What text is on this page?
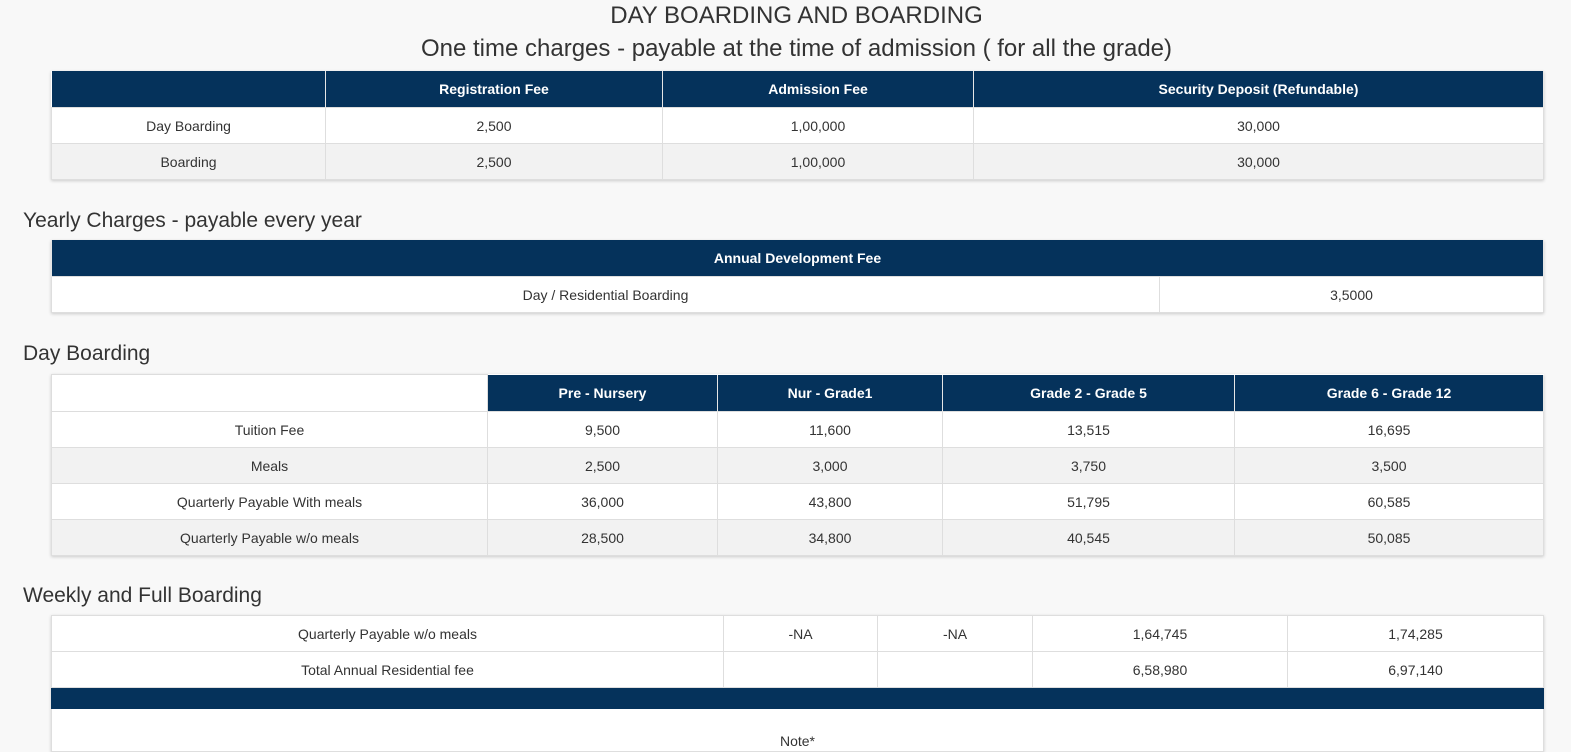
DAY BOARDING AND BOARDING
One time charges - payable at the time of admission ( for all the grade)
	Registration Fee	Admission Fee	Security Deposit (Refundable)
Day Boarding	2,500	1,00,000	30,000
Boarding	2,500	1,00,000	30,000
Yearly Charges - payable every year
Annual Development Fee
Day / Residential Boarding	3,5000
Day Boarding
	Pre - Nursery	Nur - Grade1	Grade 2 - Grade 5	Grade 6 - Grade 12
Tuition Fee	9,500	11,600	13,515	16,695
Meals	2,500	3,000	3,750	3,500
Quarterly Payable With meals	36,000	43,800	51,795	60,585
Quarterly Payable w/o meals	28,500	34,800	40,545	50,085
Weekly and Full Boarding
Quarterly Payable w/o meals	-NA	-NA	1,64,745	1,74,285
Total Annual Residential fee			6,58,980	6,97,140

Note*				
